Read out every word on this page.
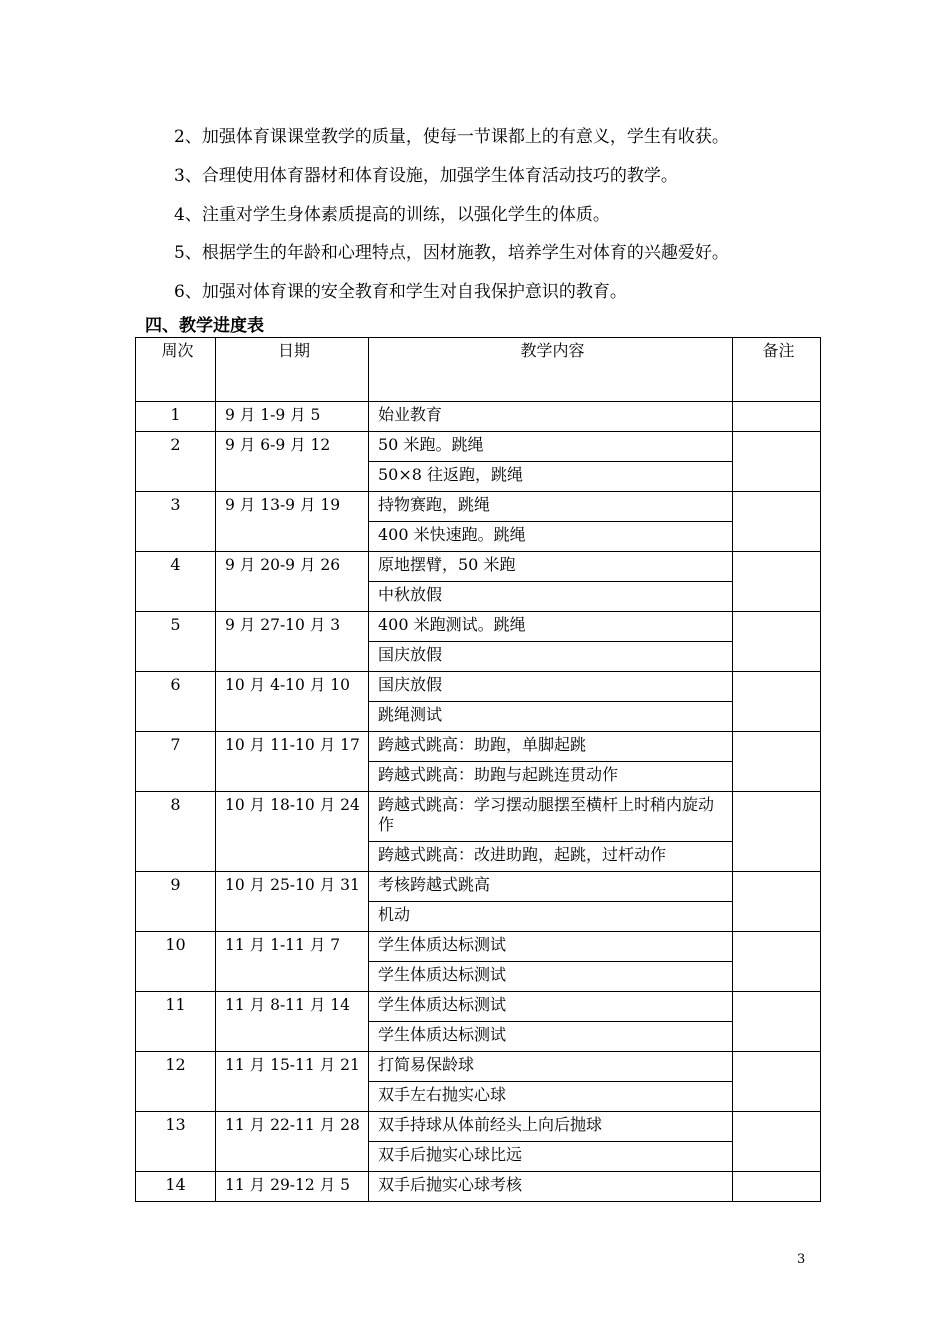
2、加强体育课课堂教学的质量，使每一节课都上的有意义，学生有收获。

3、合理使用体育器材和体育设施，加强学生体育活动技巧的教学。

4、注重对学生身体素质提高的训练，以强化学生的体质。

5、根据学生的年龄和心理特点，因材施教，培养学生对体育的兴趣爱好。

6、加强对体育课的安全教育和学生对自我保护意识的教育。

四、教学进度表
周次	日期	教学内容	备注
1	9 月 1-9 月 5	始业教育	
2	9 月 6-9 月 12	50 米跑。跳绳	
		50×8 往返跑，跳绳	
3	9 月 13-9 月 19	持物赛跑，跳绳	
		400 米快速跑。跳绳	
4	9 月 20-9 月 26	原地摆臂，50 米跑	
		中秋放假	
5	9 月 27-10 月 3	400 米跑测试。跳绳	
		国庆放假	
6	10 月 4-10 月 10	国庆放假	
		跳绳测试	
7	10 月 11-10 月 17	跨越式跳高：助跑，单脚起跳	
		跨越式跳高：助跑与起跳连贯动作	
8	10 月 18-10 月 24	跨越式跳高：学习摆动腿摆至横杆上时稍内旋动作	
		跨越式跳高：改进助跑，起跳，过杆动作	
9	10 月 25-10 月 31	考核跨越式跳高	
		机动	
10	11 月 1-11 月 7	学生体质达标测试	
		学生体质达标测试	
11	11 月 8-11 月 14	学生体质达标测试	
		学生体质达标测试	
12	11 月 15-11 月 21	打简易保龄球	
		双手左右抛实心球	
13	11 月 22-11 月 28	双手持球从体前经头上向后抛球	
		双手后抛实心球比远	
14	11 月 29-12 月 5	双手后抛实心球考核	
3
